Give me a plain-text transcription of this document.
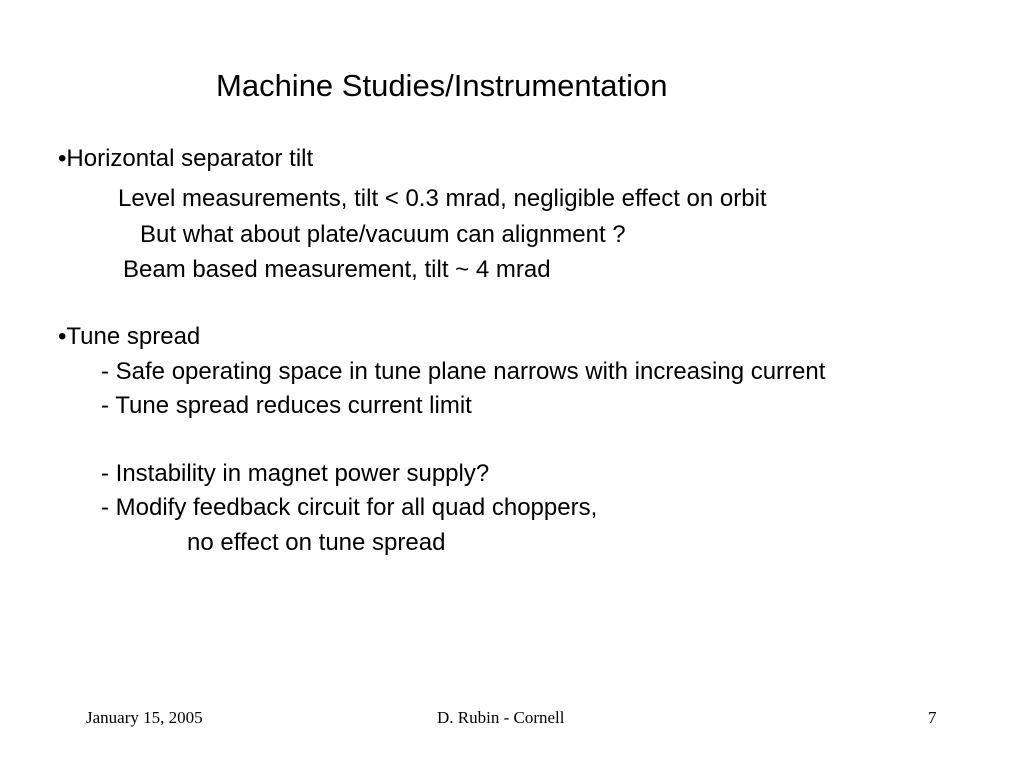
Machine Studies/Instrumentation
•Horizontal separator tilt
Level measurements, tilt < 0.3 mrad, negligible effect on orbit
But what about plate/vacuum can alignment ?
Beam based measurement, tilt ~ 4 mrad
•Tune spread
- Safe operating space in tune plane narrows with increasing current
- Tune spread reduces current limit
- Instability in magnet power supply?
- Modify feedback circuit for all quad choppers,
no effect on tune spread
January 15, 2005	D. Rubin - Cornell	7
